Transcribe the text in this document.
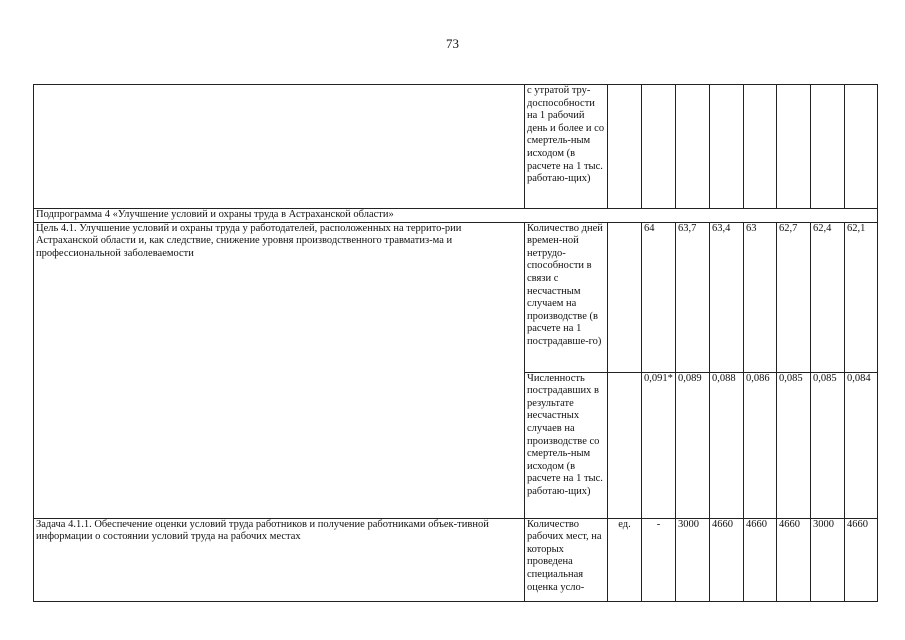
73

	с утратой тру-доспособности на 1 рабочий день и более и со смертель-ным исходом (в расчете на 1 тыс. работаю-щих)								

Подпрограмма 4 «Улучшение условий и охраны труда в Астраханской области»									
Цель 4.1. Улучшение условий и охраны труда у работодателей, расположенных на террито-рии Астраханской области и, как следствие, снижение уровня производственного травматиз-ма и профессиональной заболеваемости	Количество дней времен-ной нетрудо-способности в связи с несчастным случаем на производстве (в расчете на 1 пострадавше-го)		64	63,7	63,4	63	62,7	62,4	62,1

	Численность пострадавших в результате несчастных случаев на производстве со смертель-ным исходом (в расчете на 1 тыс. работаю-щих)		0,091*	0,089	0,088	0,086	0,085	0,085	0,084
Задача 4.1.1. Обеспечение оценки условий труда работников и получение работниками объек-тивной информации о состоянии условий труда на рабочих местах	Количество рабочих мест, на которых проведена специальная оценка усло-	ед.	-	3000	4660	4660	4660	3000	4660
